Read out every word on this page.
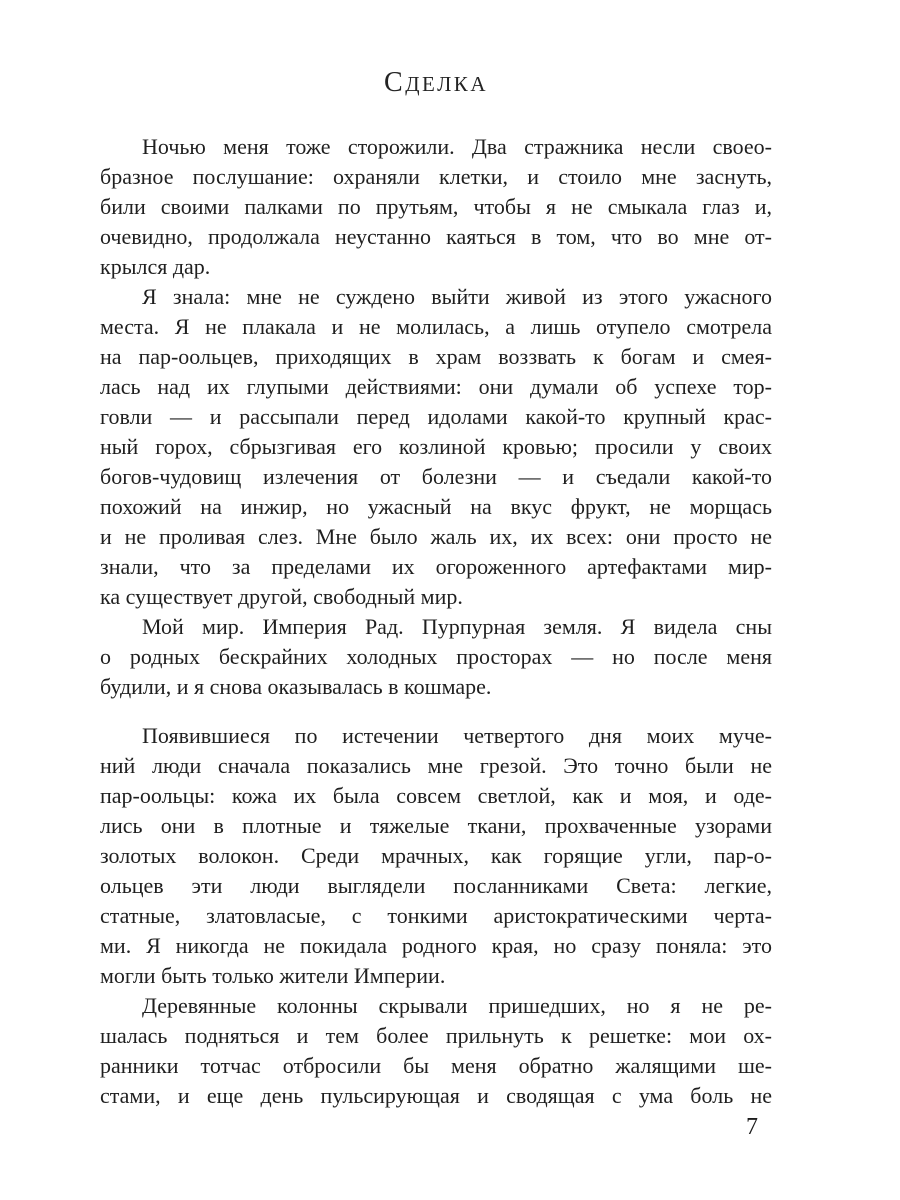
СДЕЛКА
Ночью меня тоже сторожили. Два стражника несли своео-
бразное послушание: охраняли клетки, и стоило мне заснуть,
били своими палками по прутьям, чтобы я не смыкала глаз и,
очевидно, продолжала неустанно каяться в том, что во мне от-
крылся дар.
Я знала: мне не суждено выйти живой из этого ужасного
места. Я не плакала и не молилась, а лишь отупело смотрела
на пар-оольцев, приходящих в храм воззвать к богам и смея-
лась над их глупыми действиями: они думали об успехе тор-
говли — и рассыпали перед идолами какой-то крупный крас-
ный горох, сбрызгивая его козлиной кровью; просили у своих
богов-чудовищ излечения от болезни — и съедали какой-то
похожий на инжир, но ужасный на вкус фрукт, не морщась
и не проливая слез. Мне было жаль их, их всех: они просто не
знали, что за пределами их огороженного артефактами мир-
ка существует другой, свободный мир.
Мой мир. Империя Рад. Пурпурная земля. Я видела сны
о родных бескрайних холодных просторах — но после меня
будили, и я снова оказывалась в кошмаре.
Появившиеся по истечении четвертого дня моих муче-
ний люди сначала показались мне грезой. Это точно были не
пар-оольцы: кожа их была совсем светлой, как и моя, и оде-
лись они в плотные и тяжелые ткани, прохваченные узорами
золотых волокон. Среди мрачных, как горящие угли, пар-о-
ольцев эти люди выглядели посланниками Света: легкие,
статные, златовласые, с тонкими аристократическими черта-
ми. Я никогда не покидала родного края, но сразу поняла: это
могли быть только жители Империи.
Деревянные колонны скрывали пришедших, но я не ре-
шалась подняться и тем более прильнуть к решетке: мои ох-
ранники тотчас отбросили бы меня обратно жалящими ше-
стами, и еще день пульсирующая и сводящая с ума боль не
7
